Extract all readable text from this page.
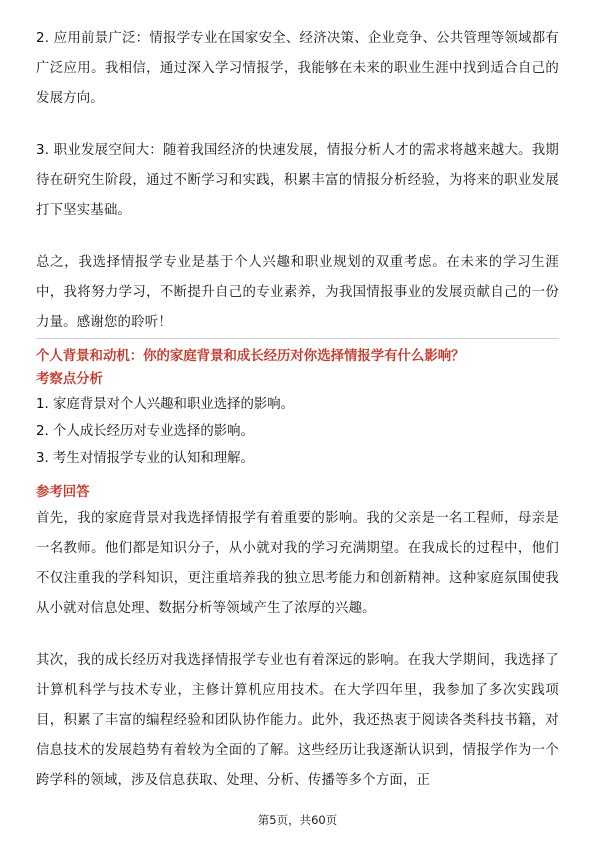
2. 应用前景广泛：情报学专业在国家安全、经济决策、企业竞争、公共管理等领域都有广泛应用。我相信，通过深入学习情报学，我能够在未来的职业生涯中找到适合自己的发展方向。

3. 职业发展空间大：随着我国经济的快速发展，情报分析人才的需求将越来越大。我期待在研究生阶段，通过不断学习和实践，积累丰富的情报分析经验，为将来的职业发展打下坚实基础。

总之，我选择情报学专业是基于个人兴趣和职业规划的双重考虑。在未来的学习生涯中，我将努力学习，不断提升自己的专业素养，为我国情报事业的发展贡献自己的一份力量。感谢您的聆听！

个人背景和动机：你的家庭背景和成长经历对你选择情报学有什么影响？

考察点分析

1. 家庭背景对个人兴趣和职业选择的影响。

2. 个人成长经历对专业选择的影响。

3. 考生对情报学专业的认知和理解。

参考回答

首先，我的家庭背景对我选择情报学有着重要的影响。我的父亲是一名工程师，母亲是一名教师。他们都是知识分子，从小就对我的学习充满期望。在我成长的过程中，他们不仅注重我的学科知识，更注重培养我的独立思考能力和创新精神。这种家庭氛围使我从小就对信息处理、数据分析等领域产生了浓厚的兴趣。

其次，我的成长经历对我选择情报学专业也有着深远的影响。在我大学期间，我选择了计算机科学与技术专业，主修计算机应用技术。在大学四年里，我参加了多次实践项目，积累了丰富的编程经验和团队协作能力。此外，我还热衷于阅读各类科技书籍，对信息技术的发展趋势有着较为全面的了解。这些经历让我逐渐认识到，情报学作为一个跨学科的领域，涉及信息获取、处理、分析、传播等多个方面，正

第5页，共60页
